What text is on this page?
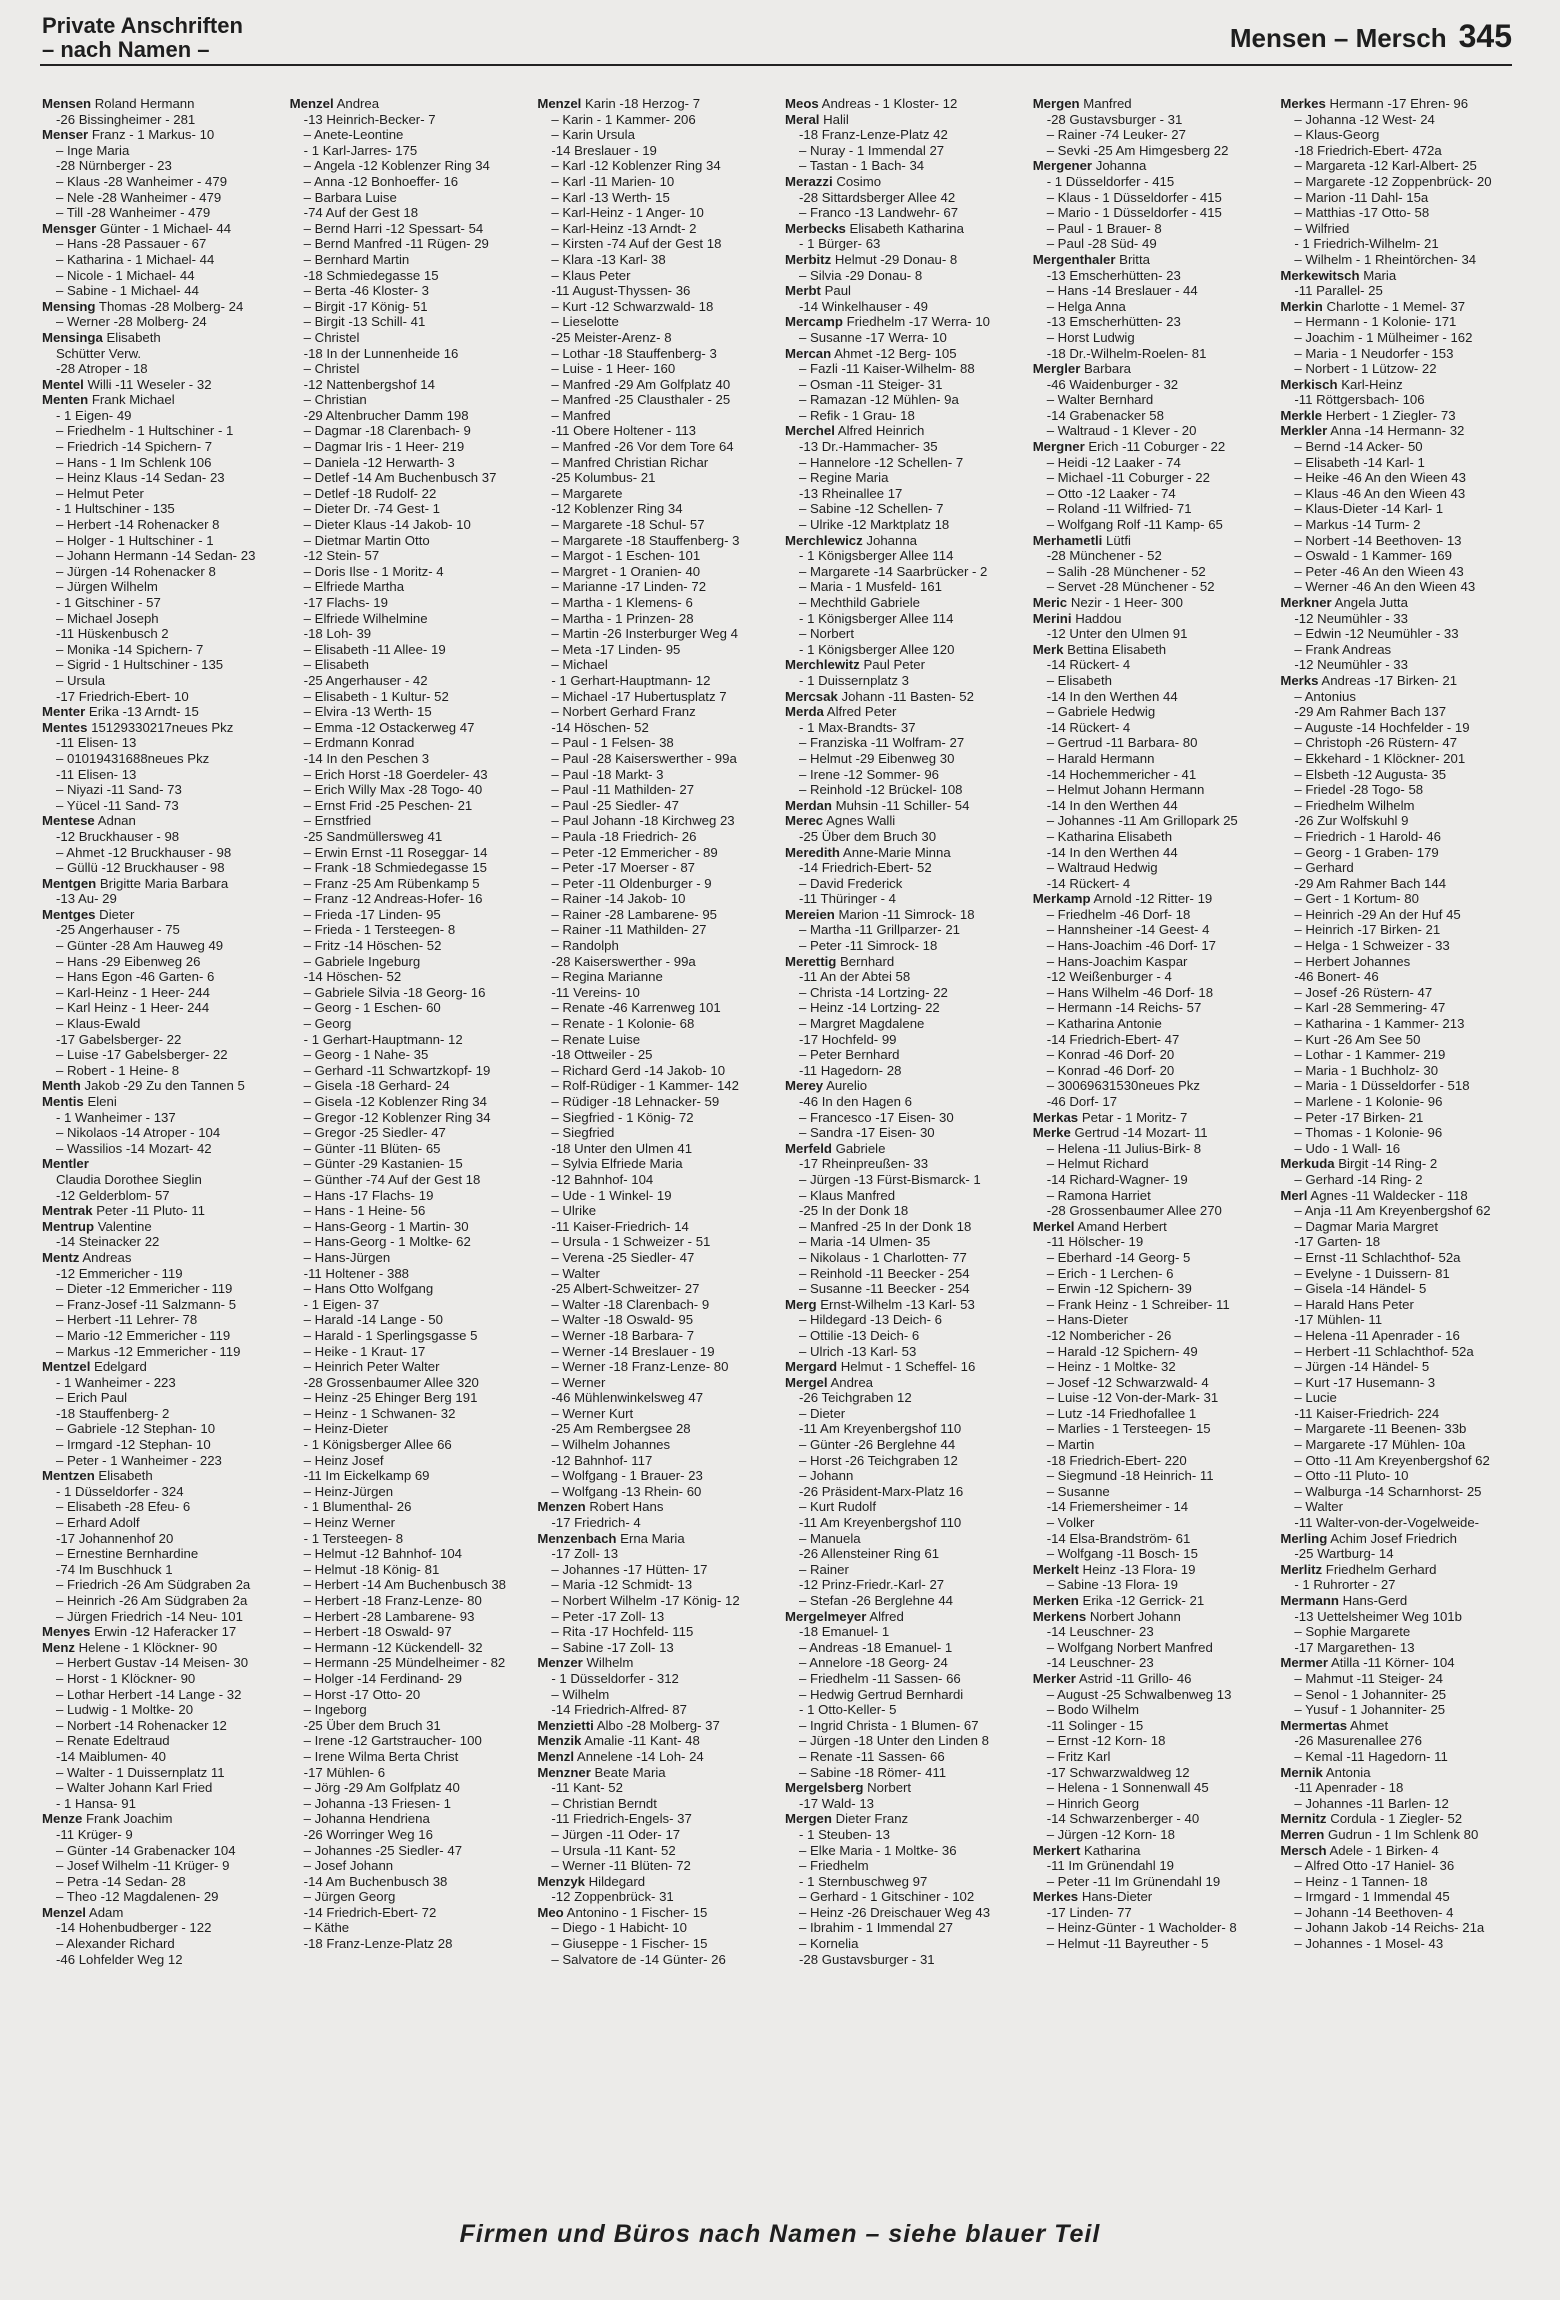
Private Anschriften
– nach Namen –	Mensen – Mersch 345
Mensen Roland Hermann
-26 Bissingheimer - 281
Menser Franz - 1 Markus- 10
– Inge Maria
-28 Nürnberger - 23
– Klaus -28 Wanheimer - 479
– Nele -28 Wanheimer - 479
– Till -28 Wanheimer - 479
Mensger Günter - 1 Michael- 44
– Hans -28 Passauer - 67
– Katharina - 1 Michael- 44
– Nicole - 1 Michael- 44
– Sabine - 1 Michael- 44
Mensing Thomas -28 Molberg- 24
– Werner -28 Molberg- 24
Mensinga Elisabeth
Schütter Verw.
-28 Atroper - 18
Mentel Willi -11 Weseler - 32
Menten Frank Michael
- 1 Eigen- 49
– Friedhelm - 1 Hultschiner - 1
– Friedrich -14 Spichern- 7
– Hans - 1 Im Schlenk 106
– Heinz Klaus -14 Sedan- 23
– Helmut Peter
- 1 Hultschiner - 135
– Herbert -14 Rohenacker 8
– Holger - 1 Hultschiner - 1
– Johann Hermann -14 Sedan- 23
– Jürgen -14 Rohenacker 8
– Jürgen Wilhelm
- 1 Gitschiner - 57
– Michael Joseph
-11 Hüskenbusch 2
– Monika -14 Spichern- 7
– Sigrid - 1 Hultschiner - 135
– Ursula
-17 Friedrich-Ebert- 10
Menter Erika -13 Arndt- 15
Mentes 15129330217neues Pkz
-11 Elisen- 13
– 01019431688neues Pkz
-11 Elisen- 13
– Niyazi -11 Sand- 73
– Yücel -11 Sand- 73
Mentese Adnan
-12 Bruckhauser - 98
– Ahmet -12 Bruckhauser - 98
– Güllü -12 Bruckhauser - 98
Mentgen Brigitte Maria Barbara
-13 Au- 29
Mentges Dieter
-25 Angerhauser - 75
– Günter -28 Am Hauweg 49
– Hans -29 Eibenweg 26
– Hans Egon -46 Garten- 6
– Karl-Heinz - 1 Heer- 244
– Karl Heinz - 1 Heer- 244
– Klaus-Ewald
-17 Gabelsberger- 22
– Luise -17 Gabelsberger- 22
– Robert - 1 Heine- 8
Menth Jakob -29 Zu den Tannen 5
Mentis Eleni
- 1 Wanheimer - 137
– Nikolaos -14 Atroper - 104
– Wassilios -14 Mozart- 42
Mentler
Claudia Dorothee Sieglin
-12 Gelderblom- 57
Mentrak Peter -11 Pluto- 11
Mentrup Valentine
-14 Steinacker 22
Mentz Andreas
-12 Emmericher - 119
– Dieter -12 Emmericher - 119
– Franz-Josef -11 Salzmann- 5
– Herbert -11 Lehrer- 78
– Mario -12 Emmericher - 119
– Markus -12 Emmericher - 119
Mentzel Edelgard
- 1 Wanheimer - 223
– Erich Paul
-18 Stauffenberg- 2
– Gabriele -12 Stephan- 10
– Irmgard -12 Stephan- 10
– Peter - 1 Wanheimer - 223
Mentzen Elisabeth
- 1 Düsseldorfer - 324
– Elisabeth -28 Efeu- 6
– Erhard Adolf
-17 Johannenhof 20
– Ernestine Bernhardine
-74 Im Buschhuck 1
– Friedrich -26 Am Südgraben 2a
– Heinrich -26 Am Südgraben 2a
– Jürgen Friedrich -14 Neu- 101
Menyes Erwin -12 Haferacker 17
Menz Helene - 1 Klöckner- 90
– Herbert Gustav -14 Meisen- 30
– Horst - 1 Klöckner- 90
– Lothar Herbert -14 Lange - 32
– Ludwig - 1 Moltke- 20
– Norbert -14 Rohenacker 12
– Renate Edeltraud
-14 Maiblumen- 40
– Walter - 1 Duissernplatz 11
– Walter Johann Karl Fried
- 1 Hansa- 91
Menze Frank Joachim
-11 Krüger- 9
– Günter -14 Grabenacker 104
– Josef Wilhelm -11 Krüger- 9
– Petra -14 Sedan- 28
– Theo -12 Magdalenen- 29
Menzel Adam
-14 Hohenbudberger - 122
– Alexander Richard
-46 Lohfelder Weg 12
Menzel Andrea
-13 Heinrich-Becker- 7
– Anete-Leontine
- 1 Karl-Jarres- 175
– Angela -12 Koblenzer Ring 34
– Anna -12 Bonhoeffer- 16
– Barbara Luise
-74 Auf der Gest 18
– Bernd Harri -12 Spessart- 54
– Bernd Manfred -11 Rügen- 29
– Bernhard Martin
-18 Schmiedegasse 15
– Berta -46 Kloster- 3
– Birgit -17 König- 51
– Birgit -13 Schill- 41
– Christel
-18 In der Lunnenheide 16
– Christel
-12 Nattenbergshof 14
– Christian
-29 Altenbrucher Damm 198
– Dagmar -18 Clarenbach- 9
– Dagmar Iris - 1 Heer- 219
– Daniela -12 Herwarth- 3
– Detlef -14 Am Buchenbusch 37
– Detlef -18 Rudolf- 22
– Dieter Dr. -74 Gest- 1
– Dieter Klaus -14 Jakob- 10
– Dietmar Martin Otto
-12 Stein- 57
– Doris Ilse - 1 Moritz- 4
– Elfriede Martha
-17 Flachs- 19
– Elfriede Wilhelmine
-18 Loh- 39
– Elisabeth -11 Allee- 19
– Elisabeth
-25 Angerhauser - 42
– Elisabeth - 1 Kultur- 52
– Elvira -13 Werth- 15
– Emma -12 Ostackerweg 47
– Erdmann Konrad
-14 In den Peschen 3
– Erich Horst -18 Goerdeler- 43
– Erich Willy Max -28 Togo- 40
– Ernst Frid -25 Peschen- 21
– Ernstfried
-25 Sandmüllersweg 41
– Erwin Ernst -11 Roseggar- 14
– Frank -18 Schmiedegasse 15
– Franz -25 Am Rübenkamp 5
– Franz -12 Andreas-Hofer- 16
– Frieda -17 Linden- 95
– Frieda - 1 Tersteegen- 8
– Fritz -14 Höschen- 52
– Gabriele Ingeburg
-14 Höschen- 52
– Gabriele Silvia -18 Georg- 16
– Georg - 1 Eschen- 60
– Georg
- 1 Gerhart-Hauptmann- 12
– Georg - 1 Nahe- 35
– Gerhard -11 Schwartzkopf- 19
– Gisela -18 Gerhard- 24
– Gisela -12 Koblenzer Ring 34
– Gregor -12 Koblenzer Ring 34
– Gregor -25 Siedler- 47
– Günter -11 Blüten- 65
– Günter -29 Kastanien- 15
– Günther -74 Auf der Gest 18
– Hans -17 Flachs- 19
– Hans - 1 Heine- 56
– Hans-Georg - 1 Martin- 30
– Hans-Georg - 1 Moltke- 62
– Hans-Jürgen
-11 Holtener - 388
– Hans Otto Wolfgang
- 1 Eigen- 37
– Harald -14 Lange - 50
– Harald - 1 Sperlingsgasse 5
– Heike - 1 Kraut- 17
– Heinrich Peter Walter
-28 Grossenbaumer Allee 320
– Heinz -25 Ehinger Berg 191
– Heinz - 1 Schwanen- 32
– Heinz-Dieter
- 1 Königsberger Allee 66
– Heinz Josef
-11 Im Eickelkamp 69
– Heinz-Jürgen
- 1 Blumenthal- 26
– Heinz Werner
- 1 Tersteegen- 8
– Helmut -12 Bahnhof- 104
– Helmut -18 König- 81
– Herbert -14 Am Buchenbusch 38
– Herbert -18 Franz-Lenze- 80
– Herbert -28 Lambarene- 93
– Herbert -18 Oswald- 97
– Hermann -12 Kückendell- 32
– Hermann -25 Mündelheimer - 82
– Holger -14 Ferdinand- 29
– Horst -17 Otto- 20
– Ingeborg
-25 Über dem Bruch 31
– Irene -12 Gartstraucher- 100
– Irene Wilma Berta Christ
-17 Mühlen- 6
– Jörg -29 Am Golfplatz 40
– Johanna -13 Friesen- 1
– Johanna Hendriena
-26 Worringer Weg 16
– Johannes -25 Siedler- 47
– Josef Johann
-14 Am Buchenbusch 38
– Jürgen Georg
-14 Friedrich-Ebert- 72
– Käthe
-18 Franz-Lenze-Platz 28
Menzel Karin -18 Herzog- 7
– Karin - 1 Kammer- 206
– Karin Ursula
-14 Breslauer - 19
– Karl -12 Koblenzer Ring 34
– Karl -11 Marien- 10
– Karl -13 Werth- 15
– Karl-Heinz - 1 Anger- 10
– Karl-Heinz -13 Arndt- 2
– Kirsten -74 Auf der Gest 18
– Klara -13 Karl- 38
– Klaus Peter
-11 August-Thyssen- 36
– Kurt -12 Schwarzwald- 18
– Lieselotte
-25 Meister-Arenz- 8
– Lothar -18 Stauffenberg- 3
– Luise - 1 Heer- 160
– Manfred -29 Am Golfplatz 40
– Manfred -25 Clausthaler - 25
– Manfred
-11 Obere Holtener - 113
– Manfred -26 Vor dem Tore 64
– Manfred Christian Richar
-25 Kolumbus- 21
– Margarete
-12 Koblenzer Ring 34
– Margarete -18 Schul- 57
– Margarete -18 Stauffenberg- 3
– Margot - 1 Eschen- 101
– Margret - 1 Oranien- 40
– Marianne -17 Linden- 72
– Martha - 1 Klemens- 6
– Martha - 1 Prinzen- 28
– Martin -26 Insterburger Weg 4
– Meta -17 Linden- 95
– Michael
- 1 Gerhart-Hauptmann- 12
– Michael -17 Hubertusplatz 7
– Norbert Gerhard Franz
-14 Höschen- 52
– Paul - 1 Felsen- 38
– Paul -28 Kaiserswerther - 99a
– Paul -18 Markt- 3
– Paul -11 Mathilden- 27
– Paul -25 Siedler- 47
– Paul Johann -18 Kirchweg 23
– Paula -18 Friedrich- 26
– Peter -12 Emmericher - 89
– Peter -17 Moerser - 87
– Peter -11 Oldenburger - 9
– Rainer -14 Jakob- 10
– Rainer -28 Lambarene- 95
– Rainer -11 Mathilden- 27
– Randolph
-28 Kaiserswerther - 99a
– Regina Marianne
-11 Vereins- 10
– Renate -46 Karrenweg 101
– Renate - 1 Kolonie- 68
– Renate Luise
-18 Ottweiler - 25
– Richard Gerd -14 Jakob- 10
– Rolf-Rüdiger - 1 Kammer- 142
– Rüdiger -18 Lehnacker- 59
– Siegfried - 1 König- 72
– Siegfried
-18 Unter den Ulmen 41
– Sylvia Elfriede Maria
-12 Bahnhof- 104
– Ude - 1 Winkel- 19
– Ulrike
-11 Kaiser-Friedrich- 14
– Ursula - 1 Schweizer - 51
– Verena -25 Siedler- 47
– Walter
-25 Albert-Schweitzer- 27
– Walter -18 Clarenbach- 9
– Walter -18 Oswald- 95
– Werner -18 Barbara- 7
– Werner -14 Breslauer - 19
– Werner -18 Franz-Lenze- 80
– Werner
-46 Mühlenwinkelsweg 47
– Werner Kurt
-25 Am Rembergsee 28
– Wilhelm Johannes
-12 Bahnhof- 117
– Wolfgang - 1 Brauer- 23
– Wolfgang -13 Rhein- 60
Menzen Robert Hans
-17 Friedrich- 4
Menzenbach Erna Maria
-17 Zoll- 13
– Johannes -17 Hütten- 17
– Maria -12 Schmidt- 13
– Norbert Wilhelm -17 König- 12
– Peter -17 Zoll- 13
– Rita -17 Hochfeld- 115
– Sabine -17 Zoll- 13
Menzer Wilhelm
- 1 Düsseldorfer - 312
– Wilhelm
-14 Friedrich-Alfred- 87
Menzietti Albo -28 Molberg- 37
Menzik Amalie -11 Kant- 48
Menzl Annelene -14 Loh- 24
Menzner Beate Maria
-11 Kant- 52
– Christian Berndt
-11 Friedrich-Engels- 37
– Jürgen -11 Oder- 17
– Ursula -11 Kant- 52
– Werner -11 Blüten- 72
Menzyk Hildegard
-12 Zoppenbrück- 31
Meo Antonino - 1 Fischer- 15
– Diego - 1 Habicht- 10
– Giuseppe - 1 Fischer- 15
– Salvatore de -14 Günter- 26
Meos Andreas - 1 Kloster- 12
Meral Halil
-18 Franz-Lenze-Platz 42
– Nuray - 1 Immendal 27
– Tastan - 1 Bach- 34
Merazzi Cosimo
-28 Sittardsberger Allee 42
– Franco -13 Landwehr- 67
Merbecks Elisabeth Katharina
- 1 Bürger- 63
Merbitz Helmut -29 Donau- 8
– Silvia -29 Donau- 8
Merbt Paul
-14 Winkelhauser - 49
Mercamp Friedhelm -17 Werra- 10
– Susanne -17 Werra- 10
Mercan Ahmet -12 Berg- 105
– Fazli -11 Kaiser-Wilhelm- 88
– Osman -11 Steiger- 31
– Ramazan -12 Mühlen- 9a
– Refik - 1 Grau- 18
Merchel Alfred Heinrich
-13 Dr.-Hammacher- 35
– Hannelore -12 Schellen- 7
– Regine Maria
-13 Rheinallee 17
– Sabine -12 Schellen- 7
– Ulrike -12 Marktplatz 18
Merchlewicz Johanna
- 1 Königsberger Allee 114
– Margarete -14 Saarbrücker - 2
– Maria - 1 Musfeld- 161
– Mechthild Gabriele
- 1 Königsberger Allee 114
– Norbert
- 1 Königsberger Allee 120
Merchlewitz Paul Peter
- 1 Duissernplatz 3
Mercsak Johann -11 Basten- 52
Merda Alfred Peter
- 1 Max-Brandts- 37
– Franziska -11 Wolfram- 27
– Helmut -29 Eibenweg 30
– Irene -12 Sommer- 96
– Reinhold -12 Brückel- 108
Merdan Muhsin -11 Schiller- 54
Merec Agnes Walli
-25 Über dem Bruch 30
Meredith Anne-Marie Minna
-14 Friedrich-Ebert- 52
– David Frederick
-11 Thüringer - 4
Mereien Marion -11 Simrock- 18
– Martha -11 Grillparzer- 21
– Peter -11 Simrock- 18
Merettig Bernhard
-11 An der Abtei 58
– Christa -14 Lortzing- 22
– Heinz -14 Lortzing- 22
– Margret Magdalene
-17 Hochfeld- 99
– Peter Bernhard
-11 Hagedorn- 28
Merey Aurelio
-46 In den Hagen 6
– Francesco -17 Eisen- 30
– Sandra -17 Eisen- 30
Merfeld Gabriele
-17 Rheinpreußen- 33
– Jürgen -13 Fürst-Bismarck- 1
– Klaus Manfred
-25 In der Donk 18
– Manfred -25 In der Donk 18
– Maria -14 Ulmen- 35
– Nikolaus - 1 Charlotten- 77
– Reinhold -11 Beecker - 254
– Susanne -11 Beecker - 254
Merg Ernst-Wilhelm -13 Karl- 53
– Hildegard -13 Deich- 6
– Ottilie -13 Deich- 6
– Ulrich -13 Karl- 53
Mergard Helmut - 1 Scheffel- 16
Mergel Andrea
-26 Teichgraben 12
– Dieter
-11 Am Kreyenbergshof 110
– Günter -26 Berglehne 44
– Horst -26 Teichgraben 12
– Johann
-26 Präsident-Marx-Platz 16
– Kurt Rudolf
-11 Am Kreyenbergshof 110
– Manuela
-26 Allensteiner Ring 61
– Rainer
-12 Prinz-Friedr.-Karl- 27
– Stefan -26 Berglehne 44
Mergelmeyer Alfred
-18 Emanuel- 1
– Andreas -18 Emanuel- 1
– Annelore -18 Georg- 24
– Friedhelm -11 Sassen- 66
– Hedwig Gertrud Bernhardi
- 1 Otto-Keller- 5
– Ingrid Christa - 1 Blumen- 67
– Jürgen -18 Unter den Linden 8
– Renate -11 Sassen- 66
– Sabine -18 Römer- 411
Mergelsberg Norbert
-17 Wald- 13
Mergen Dieter Franz
- 1 Steuben- 13
– Elke Maria - 1 Moltke- 36
– Friedhelm
- 1 Sternbuschweg 97
– Gerhard - 1 Gitschiner - 102
– Heinz -26 Dreischauer Weg 43
– Ibrahim - 1 Immendal 27
– Kornelia
-28 Gustavsburger - 31
Mergen Manfred
-28 Gustavsburger - 31
– Rainer -74 Leuker- 27
– Sevki -25 Am Himgesberg 22
Mergener Johanna
- 1 Düsseldorfer - 415
– Klaus - 1 Düsseldorfer - 415
– Mario - 1 Düsseldorfer - 415
– Paul - 1 Brauer- 8
– Paul -28 Süd- 49
Mergenthaler Britta
-13 Emscherhütten- 23
– Hans -14 Breslauer - 44
– Helga Anna
-13 Emscherhütten- 23
– Horst Ludwig
-18 Dr.-Wilhelm-Roelen- 81
Mergler Barbara
-46 Waidenburger - 32
– Walter Bernhard
-14 Grabenacker 58
– Waltraud - 1 Klever - 20
Mergner Erich -11 Coburger - 22
– Heidi -12 Laaker - 74
– Michael -11 Coburger - 22
– Otto -12 Laaker - 74
– Roland -11 Wilfried- 71
– Wolfgang Rolf -11 Kamp- 65
Merhametli Lütfi
-28 Münchener - 52
– Salih -28 Münchener - 52
– Servet -28 Münchener - 52
Meric Nezir - 1 Heer- 300
Merini Haddou
-12 Unter den Ulmen 91
Merk Bettina Elisabeth
-14 Rückert- 4
– Elisabeth
-14 In den Werthen 44
– Gabriele Hedwig
-14 Rückert- 4
– Gertrud -11 Barbara- 80
– Harald Hermann
-14 Hochemmericher - 41
– Helmut Johann Hermann
-14 In den Werthen 44
– Johannes -11 Am Grillopark 25
– Katharina Elisabeth
-14 In den Werthen 44
– Waltraud Hedwig
-14 Rückert- 4
Merkamp Arnold -12 Ritter- 19
– Friedhelm -46 Dorf- 18
– Hannsheiner -14 Geest- 4
– Hans-Joachim -46 Dorf- 17
– Hans-Joachim Kaspar
-12 Weißenburger - 4
– Hans Wilhelm -46 Dorf- 18
– Hermann -14 Reichs- 57
– Katharina Antonie
-14 Friedrich-Ebert- 47
– Konrad -46 Dorf- 20
– Konrad -46 Dorf- 20
– 30069631530neues Pkz
-46 Dorf- 17
Merkas Petar - 1 Moritz- 7
Merke Gertrud -14 Mozart- 11
– Helena -11 Julius-Birk- 8
– Helmut Richard
-14 Richard-Wagner- 19
– Ramona Harriet
-28 Grossenbaumer Allee 270
Merkel Amand Herbert
-11 Hölscher- 19
– Eberhard -14 Georg- 5
– Erich - 1 Lerchen- 6
– Erwin -12 Spichern- 39
– Frank Heinz - 1 Schreiber- 11
– Hans-Dieter
-12 Nombericher - 26
– Harald -12 Spichern- 49
– Heinz - 1 Moltke- 32
– Josef -12 Schwarzwald- 4
– Luise -12 Von-der-Mark- 31
– Lutz -14 Friedhofallee 1
– Marlies - 1 Tersteegen- 15
– Martin
-18 Friedrich-Ebert- 220
– Siegmund -18 Heinrich- 11
– Susanne
-14 Friemersheimer - 14
– Volker
-14 Elsa-Brandström- 61
– Wolfgang -11 Bosch- 15
Merkelt Heinz -13 Flora- 19
– Sabine -13 Flora- 19
Merken Erika -12 Gerrick- 21
Merkens Norbert Johann
-14 Leuschner- 23
– Wolfgang Norbert Manfred
-14 Leuschner- 23
Merker Astrid -11 Grillo- 46
– August -25 Schwalbenweg 13
– Bodo Wilhelm
-11 Solinger - 15
– Ernst -12 Korn- 18
– Fritz Karl
-17 Schwarzwaldweg 12
– Helena - 1 Sonnenwall 45
– Hinrich Georg
-14 Schwarzenberger - 40
– Jürgen -12 Korn- 18
Merkert Katharina
-11 Im Grünendahl 19
– Peter -11 Im Grünendahl 19
Merkes Hans-Dieter
-17 Linden- 77
– Heinz-Günter - 1 Wacholder- 8
– Helmut -11 Bayreuther - 5
Merkes Hermann -17 Ehren- 96
– Johanna -12 West- 24
– Klaus-Georg
-18 Friedrich-Ebert- 472a
– Margareta -12 Karl-Albert- 25
– Margarete -12 Zoppenbrück- 20
– Marion -11 Dahl- 15a
– Matthias -17 Otto- 58
– Wilfried
- 1 Friedrich-Wilhelm- 21
– Wilhelm - 1 Rheintörchen- 34
Merkewitsch Maria
-11 Parallel- 25
Merkin Charlotte - 1 Memel- 37
– Hermann - 1 Kolonie- 171
– Joachim - 1 Mülheimer - 162
– Maria - 1 Neudorfer - 153
– Norbert - 1 Lützow- 22
Merkisch Karl-Heinz
-11 Röttgersbach- 106
Merkle Herbert - 1 Ziegler- 73
Merkler Anna -14 Hermann- 32
– Bernd -14 Acker- 50
– Elisabeth -14 Karl- 1
– Heike -46 An den Wieen 43
– Klaus -46 An den Wieen 43
– Klaus-Dieter -14 Karl- 1
– Markus -14 Turm- 2
– Norbert -14 Beethoven- 13
– Oswald - 1 Kammer- 169
– Peter -46 An den Wieen 43
– Werner -46 An den Wieen 43
Merkner Angela Jutta
-12 Neumühler - 33
– Edwin -12 Neumühler - 33
– Frank Andreas
-12 Neumühler - 33
Merks Andreas -17 Birken- 21
– Antonius
-29 Am Rahmer Bach 137
– Auguste -14 Hochfelder - 19
– Christoph -26 Rüstern- 47
– Ekkehard - 1 Klöckner- 201
– Elsbeth -12 Augusta- 35
– Friedel -28 Togo- 58
– Friedhelm Wilhelm
-26 Zur Wolfskuhl 9
– Friedrich - 1 Harold- 46
– Georg - 1 Graben- 179
– Gerhard
-29 Am Rahmer Bach 144
– Gert - 1 Kortum- 80
– Heinrich -29 An der Huf 45
– Heinrich -17 Birken- 21
– Helga - 1 Schweizer - 33
– Herbert Johannes
-46 Bonert- 46
– Josef -26 Rüstern- 47
– Karl -28 Semmering- 47
– Katharina - 1 Kammer- 213
– Kurt -26 Am See 50
– Lothar - 1 Kammer- 219
– Maria - 1 Buchholz- 30
– Maria - 1 Düsseldorfer - 518
– Marlene - 1 Kolonie- 96
– Peter -17 Birken- 21
– Thomas - 1 Kolonie- 96
– Udo - 1 Wall- 16
Merkuda Birgit -14 Ring- 2
– Gerhard -14 Ring- 2
Merl Agnes -11 Waldecker - 118
– Anja -11 Am Kreyenbergshof 62
– Dagmar Maria Margret
-17 Garten- 18
– Ernst -11 Schlachthof- 52a
– Evelyne - 1 Duissern- 81
– Gisela -14 Händel- 5
– Harald Hans Peter
-17 Mühlen- 11
– Helena -11 Apenrader - 16
– Herbert -11 Schlachthof- 52a
– Jürgen -14 Händel- 5
– Kurt -17 Husemann- 3
– Lucie
-11 Kaiser-Friedrich- 224
– Margarete -11 Beenen- 33b
– Margarete -17 Mühlen- 10a
– Otto -11 Am Kreyenbergshof 62
– Otto -11 Pluto- 10
– Walburga -14 Scharnhorst- 25
– Walter
-11 Walter-von-der-Vogelweide-
Merling Achim Josef Friedrich
-25 Wartburg- 14
Merlitz Friedhelm Gerhard
- 1 Ruhrorter - 27
Mermann Hans-Gerd
-13 Uettelsheimer Weg 101b
– Sophie Margarete
-17 Margarethen- 13
Mermer Atilla -11 Körner- 104
– Mahmut -11 Steiger- 24
– Senol - 1 Johanniter- 25
– Yusuf - 1 Johanniter- 25
Mermertas Ahmet
-26 Masurenallee 276
– Kemal -11 Hagedorn- 11
Mernik Antonia
-11 Apenrader - 18
– Johannes -11 Barlen- 12
Mernitz Cordula - 1 Ziegler- 52
Merren Gudrun - 1 Im Schlenk 80
Mersch Adele - 1 Birken- 4
– Alfred Otto -17 Haniel- 36
– Heinz - 1 Tannen- 18
– Irmgard - 1 Immendal 45
– Johann -14 Beethoven- 4
– Johann Jakob -14 Reichs- 21a
– Johannes - 1 Mosel- 43
Firmen und Büros nach Namen – siehe blauer Teil
